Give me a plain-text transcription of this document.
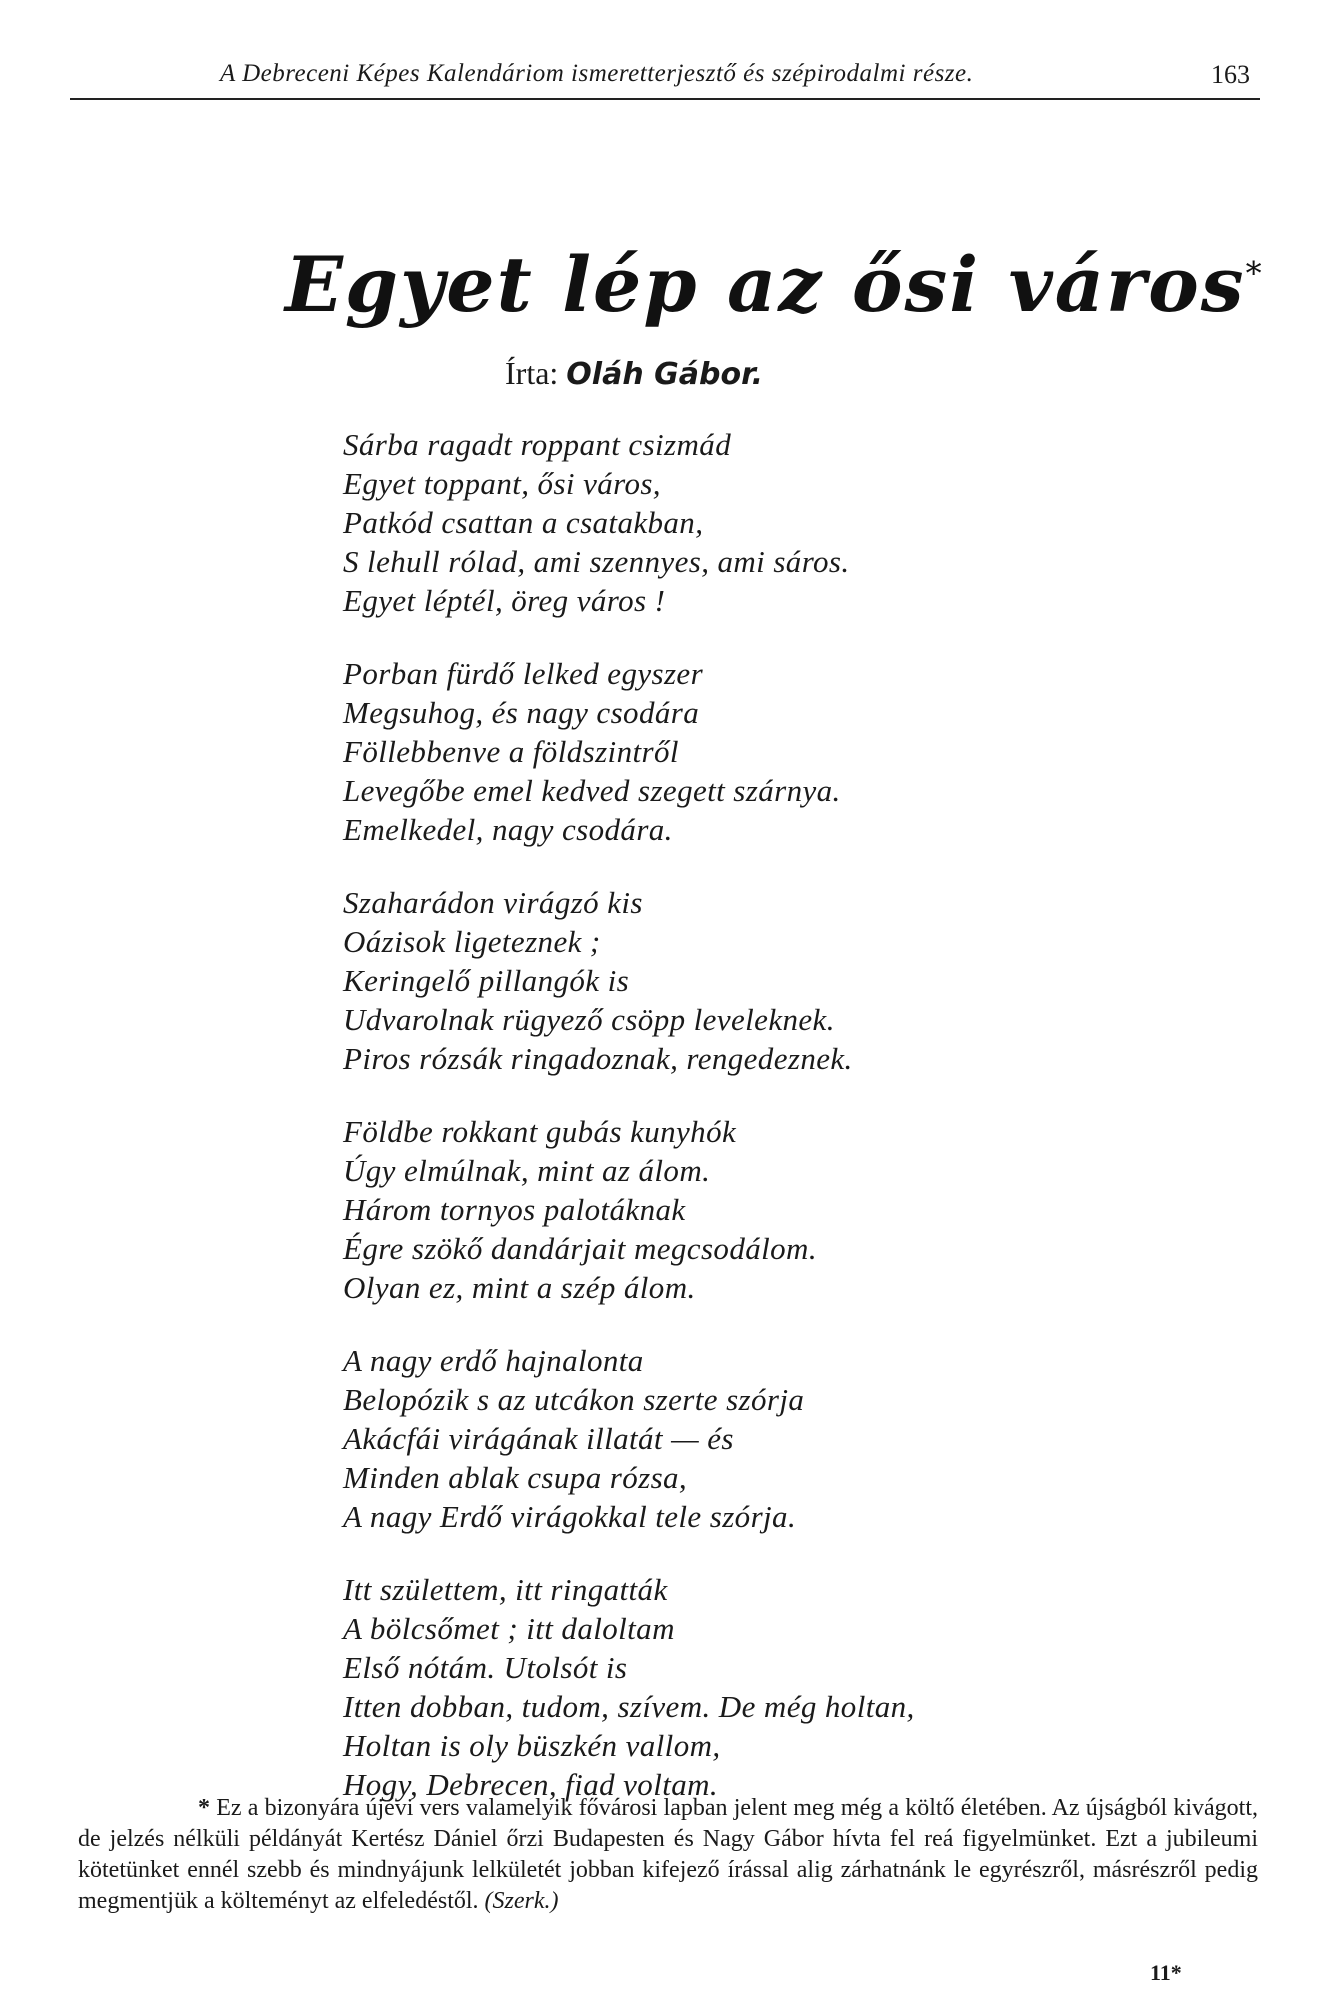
A Debreceni Képes Kalendáriom ismeretterjesztő és szépirodalmi része.	163
Egyet lép az ősi város*
Írta: Oláh Gábor.
Sárba ragadt roppant csizmád
Egyet toppant, ősi város,
Patkód csattan a csatakban,
S lehull rólad, ami szennyes, ami sáros.
Egyet léptél, öreg város !
Porban fürdő lelked egyszer
Megsuhog, és nagy csodára
Föllebbenve a földszintről
Levegőbe emel kedved szegett szárnya.
Emelkedel, nagy csodára.
Szaharádon virágzó kis
Oázisok ligeteznek ;
Keringelő pillangók is
Udvarolnak rügyező csöpp leveleknek.
Piros rózsák ringadoznak, rengedeznek.
Földbe rokkant gubás kunyhók
Úgy elmúlnak, mint az álom.
Három tornyos palotáknak
Égre szökő dandárjait megcsodálom.
Olyan ez, mint a szép álom.
A nagy erdő hajnalonta
Belopózik s az utcákon szerte szórja
Akácfái virágának illatát — és
Minden ablak csupa rózsa,
A nagy Erdő virágokkal tele szórja.
Itt születtem, itt ringatták
A bölcsőmet ; itt daloltam
Első nótám. Utolsót is
Itten dobban, tudom, szívem. De még holtan,
Holtan is oly büszkén vallom,
Hogy, Debrecen, fiad voltam.
* Ez a bizonyára újévi vers valamelyik fővárosi lapban jelent meg még a költő életében. Az újságból kivágott, de jelzés nélküli példányát Kertész Dániel őrzi Budapesten és Nagy Gábor hívta fel reá figyelmünket. Ezt a jubileumi kötetünket ennél szebb és mindnyájunk lelkületét jobban kifejező írással alig zárhatnánk le egyrészről, másrészről pedig megmentjük a költeményt az elfeledéstől. (Szerk.)
11*
